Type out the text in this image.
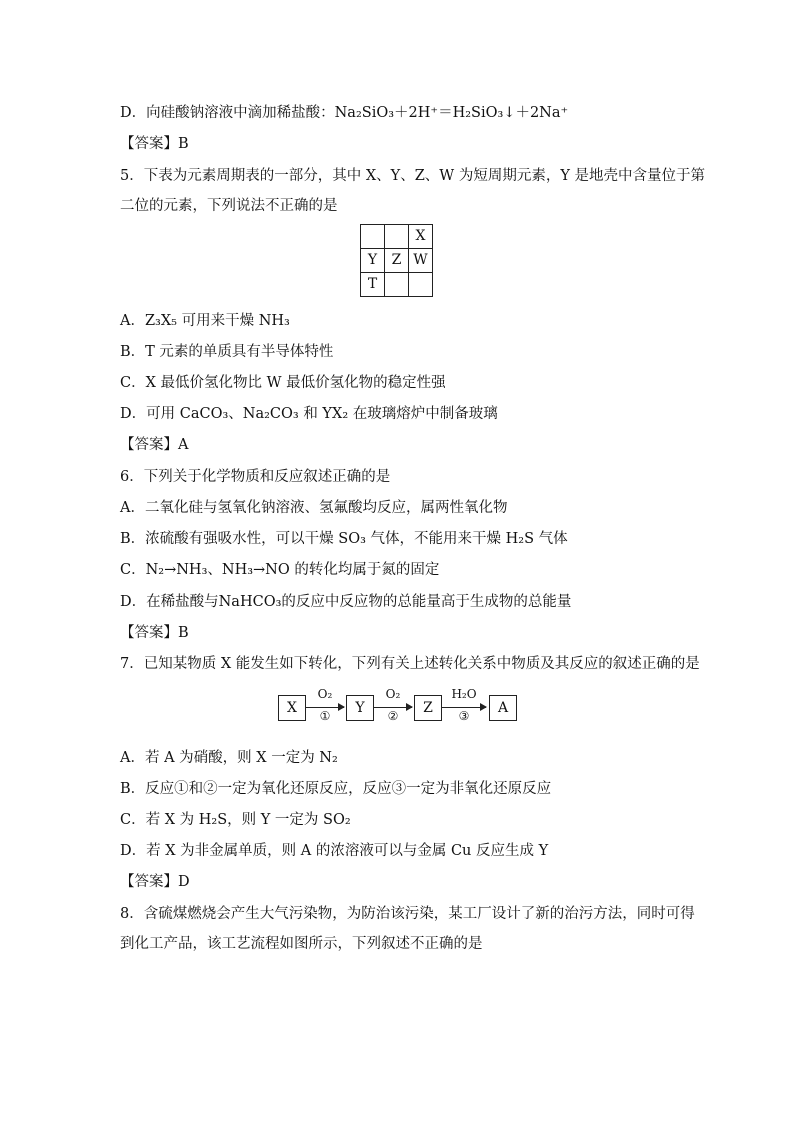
D．向硅酸钠溶液中滴加稀盐酸：Na₂SiO₃＋2H⁺＝H₂SiO₃↓＋2Na⁺
【答案】B
5．下表为元素周期表的一部分，其中 X、Y、Z、W 为短周期元素，Y 是地壳中含量位于第
二位的元素，下列说法不正确的是
		X
Y	Z	W
T		
A．Z₃X₅ 可用来干燥 NH₃
B．T 元素的单质具有半导体特性
C．X 最低价氢化物比 W 最低价氢化物的稳定性强
D．可用 CaCO₃、Na₂CO₃ 和 YX₂ 在玻璃熔炉中制备玻璃
【答案】A
6．下列关于化学物质和反应叙述正确的是
A．二氧化硅与氢氧化钠溶液、氢氟酸均反应，属两性氧化物
B．浓硫酸有强吸水性，可以干燥 SO₃ 气体，不能用来干燥 H₂S 气体
C．N₂→NH₃、NH₃→NO 的转化均属于氮的固定
D．在稀盐酸与NaHCO₃的反应中反应物的总能量高于生成物的总能量
【答案】B
7．已知某物质 X 能发生如下转化，下列有关上述转化关系中物质及其反应的叙述正确的是
X
O₂
①	Y
O₂
②	Z
H₂O
③	A
A．若 A 为硝酸，则 X 一定为 N₂
B．反应①和②一定为氧化还原反应，反应③一定为非氧化还原反应
C．若 X 为 H₂S，则 Y 一定为 SO₂
D．若 X 为非金属单质，则 A 的浓溶液可以与金属 Cu 反应生成 Y
【答案】D
8．含硫煤燃烧会产生大气污染物，为防治该污染，某工厂设计了新的治污方法，同时可得
到化工产品，该工艺流程如图所示，下列叙述不正确的是
